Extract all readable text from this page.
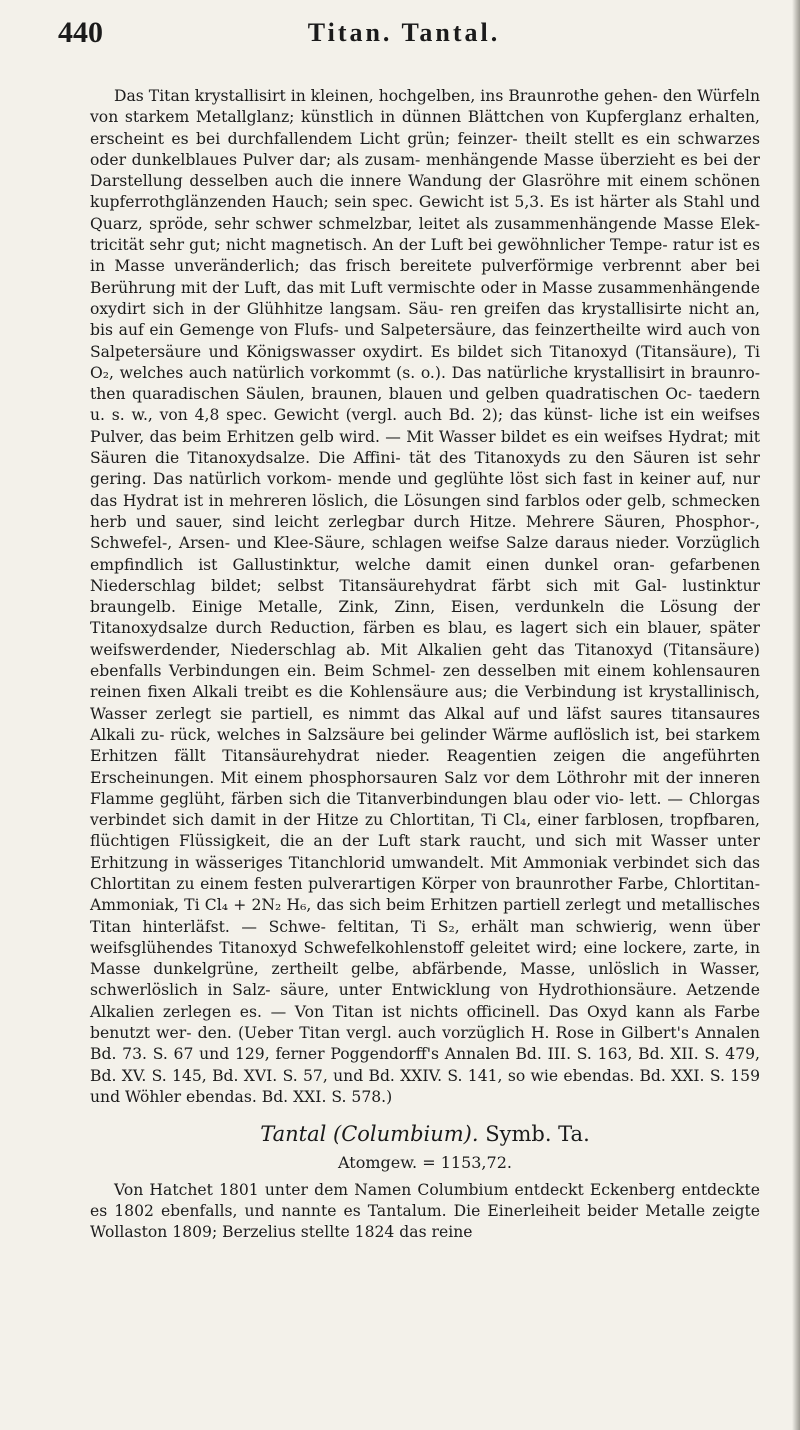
440	Titan. Tantal.

Das Titan krystallisirt in kleinen, hochgelben, ins Braunrothe gehen- den Würfeln von starkem Metallglanz; künstlich in dünnen Blättchen von Kupferglanz erhalten, erscheint es bei durchfallendem Licht grün; feinzer- theilt stellt es ein schwarzes oder dunkelblaues Pulver dar; als zusam- menhängende Masse überzieht es bei der Darstellung desselben auch die innere Wandung der Glasröhre mit einem schönen kupferrothglänzenden Hauch; sein spec. Gewicht ist 5,3. Es ist härter als Stahl und Quarz, spröde, sehr schwer schmelzbar, leitet als zusammenhängende Masse Elek- tricität sehr gut; nicht magnetisch. An der Luft bei gewöhnlicher Tempe- ratur ist es in Masse unveränderlich; das frisch bereitete pulverförmige verbrennt aber bei Berührung mit der Luft, das mit Luft vermischte oder in Masse zusammenhängende oxydirt sich in der Glühhitze langsam. Säu- ren greifen das krystallisirte nicht an, bis auf ein Gemenge von Flufs- und Salpetersäure, das feinzertheilte wird auch von Salpetersäure und Königswasser oxydirt. Es bildet sich Titanoxyd (Titansäure), Ti O₂, welches auch natürlich vorkommt (s. o.). Das natürliche krystallisirt in braunro- then quaradischen Säulen, braunen, blauen und gelben quadratischen Oc- taedern u. s. w., von 4,8 spec. Gewicht (vergl. auch Bd. 2); das künst- liche ist ein weifses Pulver, das beim Erhitzen gelb wird. — Mit Wasser bildet es ein weifses Hydrat; mit Säuren die Titanoxydsalze. Die Affini- tät des Titanoxyds zu den Säuren ist sehr gering. Das natürlich vorkom- mende und geglühte löst sich fast in keiner auf, nur das Hydrat ist in mehreren löslich, die Lösungen sind farblos oder gelb, schmecken herb und sauer, sind leicht zerlegbar durch Hitze. Mehrere Säuren, Phosphor-, Schwefel-, Arsen- und Klee-Säure, schlagen weifse Salze daraus nieder. Vorzüglich empfindlich ist Gallustinktur, welche damit einen dunkel oran- gefarbenen Niederschlag bildet; selbst Titansäurehydrat färbt sich mit Gal- lustinktur braungelb. Einige Metalle, Zink, Zinn, Eisen, verdunkeln die Lösung der Titanoxydsalze durch Reduction, färben es blau, es lagert sich ein blauer, später weifswerdender, Niederschlag ab. Mit Alkalien geht das Titanoxyd (Titansäure) ebenfalls Verbindungen ein. Beim Schmel- zen desselben mit einem kohlensauren reinen fixen Alkali treibt es die Kohlensäure aus; die Verbindung ist krystallinisch, Wasser zerlegt sie partiell, es nimmt das Alkal auf und läfst saures titansaures Alkali zu- rück, welches in Salzsäure bei gelinder Wärme auflöslich ist, bei starkem Erhitzen fällt Titansäurehydrat nieder. Reagentien zeigen die angeführten Erscheinungen. Mit einem phosphorsauren Salz vor dem Löthrohr mit der inneren Flamme geglüht, färben sich die Titanverbindungen blau oder vio- lett. — Chlorgas verbindet sich damit in der Hitze zu Chlortitan, Ti Cl₄, einer farblosen, tropfbaren, flüchtigen Flüssigkeit, die an der Luft stark raucht, und sich mit Wasser unter Erhitzung in wässeriges Titanchlorid umwandelt. Mit Ammoniak verbindet sich das Chlortitan zu einem festen pulverartigen Körper von braunrother Farbe, Chlortitan-Ammoniak, Ti Cl₄ + 2N₂ H₆, das sich beim Erhitzen partiell zerlegt und metallisches Titan hinterläfst. — Schwe- feltitan, Ti S₂, erhält man schwierig, wenn über weifsglühendes Titanoxyd Schwefelkohlenstoff geleitet wird; eine lockere, zarte, in Masse dunkelgrüne, zertheilt gelbe, abfärbende, Masse, unlöslich in Wasser, schwerlöslich in Salz- säure, unter Entwicklung von Hydrothionsäure. Aetzende Alkalien zerlegen es. — Von Titan ist nichts officinell. Das Oxyd kann als Farbe benutzt wer- den. (Ueber Titan vergl. auch vorzüglich H. Rose in Gilbert's Annalen Bd. 73. S. 67 und 129, ferner Poggendorff's Annalen Bd. III. S. 163, Bd. XII. S. 479, Bd. XV. S. 145, Bd. XVI. S. 57, und Bd. XXIV. S. 141, so wie ebendas. Bd. XXI. S. 159 und Wöhler ebendas. Bd. XXI. S. 578.)

Tantal (Columbium). Symb. Ta.
Atomgew. = 1153,72.

Von Hatchet 1801 unter dem Namen Columbium entdeckt Eckenberg entdeckte es 1802 ebenfalls, und nannte es Tantalum. Die Einerleiheit beider Metalle zeigte Wollaston 1809; Berzelius stellte 1824 das reine
